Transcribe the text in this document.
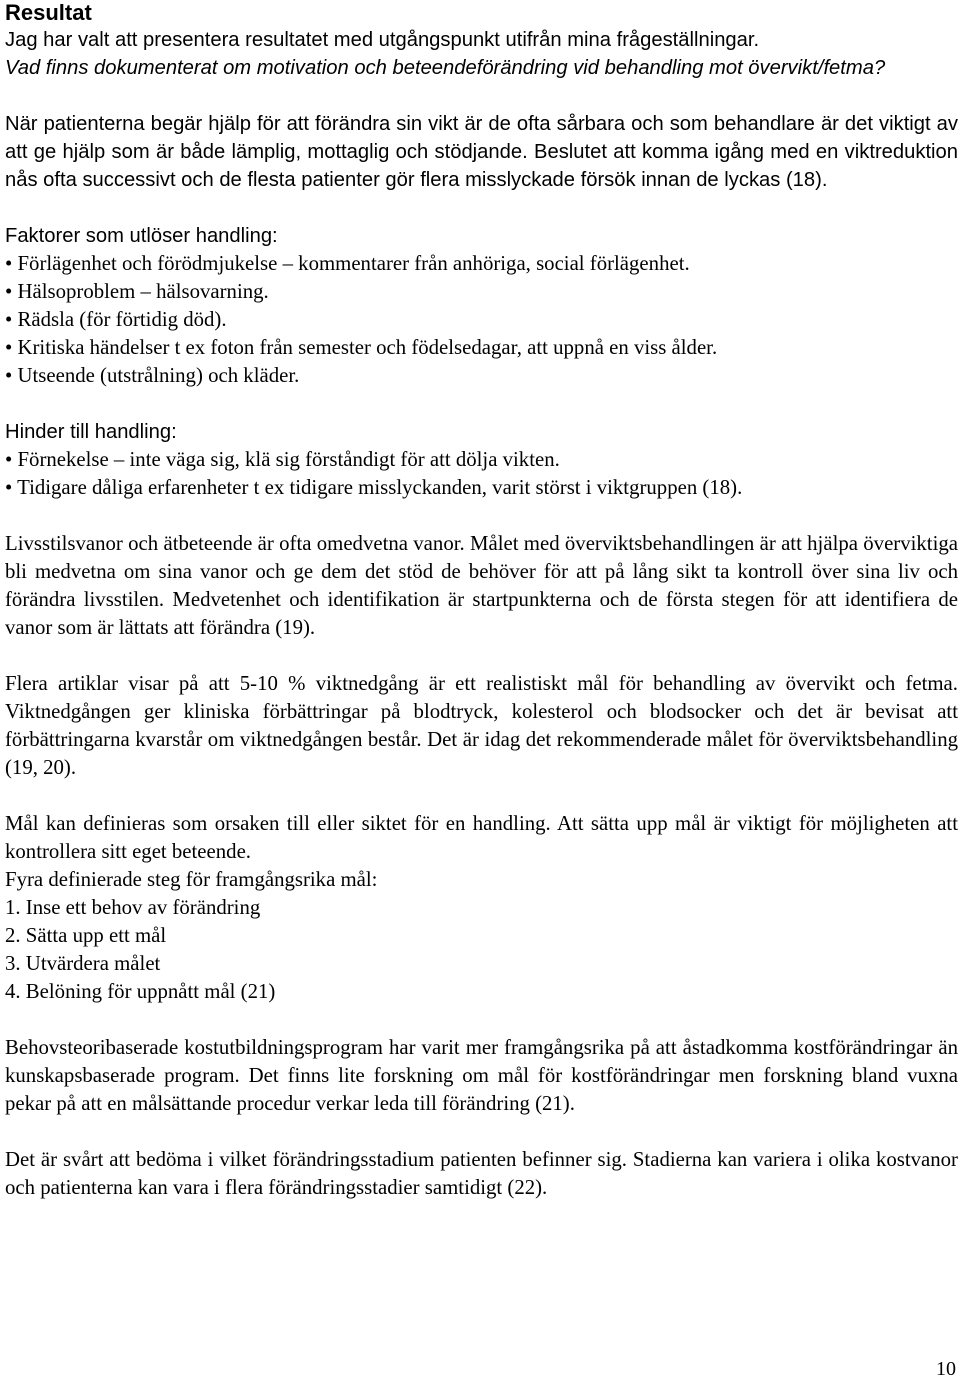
Resultat

Jag har valt att presentera resultatet med utgångspunkt utifrån mina frågeställningar.

Vad finns dokumenterat om motivation och beteendeförändring vid behandling mot övervikt/fetma?

När patienterna begär hjälp för att förändra sin vikt är de ofta sårbara och som behandlare är det viktigt av att ge hjälp som är både lämplig, mottaglig och stödjande. Beslutet att komma igång med en viktreduktion nås ofta successivt och de flesta patienter gör flera misslyckade försök innan de lyckas (18).

Faktorer som utlöser handling:

• Förlägenhet och förödmjukelse – kommentarer från anhöriga, social förlägenhet.
• Hälsoproblem – hälsovarning.
• Rädsla (för förtidig död).
• Kritiska händelser t ex foton från semester och födelsedagar, att uppnå en viss ålder.
• Utseende (utstrålning) och kläder.

Hinder till handling:

• Förnekelse – inte väga sig, klä sig förståndigt för att dölja vikten.
• Tidigare dåliga erfarenheter t ex tidigare misslyckanden, varit störst i viktgruppen (18).

Livsstilsvanor och ätbeteende är ofta omedvetna vanor. Målet med överviktsbehandlingen är att hjälpa överviktiga bli medvetna om sina vanor och ge dem det stöd de behöver för att på lång sikt ta kontroll över sina liv och förändra livsstilen. Medvetenhet och identifikation är startpunkterna och de första stegen för att identifiera de vanor som är lättats att förändra (19).

Flera artiklar visar på att 5-10 % viktnedgång är ett realistiskt mål för behandling av övervikt och fetma. Viktnedgången ger kliniska förbättringar på blodtryck, kolesterol och blodsocker och det är bevisat att förbättringarna kvarstår om viktnedgången består. Det är idag det rekommenderade målet för överviktsbehandling (19, 20).

Mål kan definieras som orsaken till eller siktet för en handling. Att sätta upp mål är viktigt för möjligheten att kontrollera sitt eget beteende.

Fyra definierade steg för framgångsrika mål:

1. Inse ett behov av förändring
2. Sätta upp ett mål
3. Utvärdera målet
4. Belöning för uppnått mål (21)

Behovsteoribaserade kostutbildningsprogram har varit mer framgångsrika på att åstadkomma kostförändringar än kunskapsbaserade program. Det finns lite forskning om mål för kostförändringar men forskning bland vuxna pekar på att en målsättande procedur verkar leda till förändring (21).

Det är svårt att bedöma i vilket förändringsstadium patienten befinner sig. Stadierna kan variera i olika kostvanor och patienterna kan vara i flera förändringsstadier samtidigt (22).

10
